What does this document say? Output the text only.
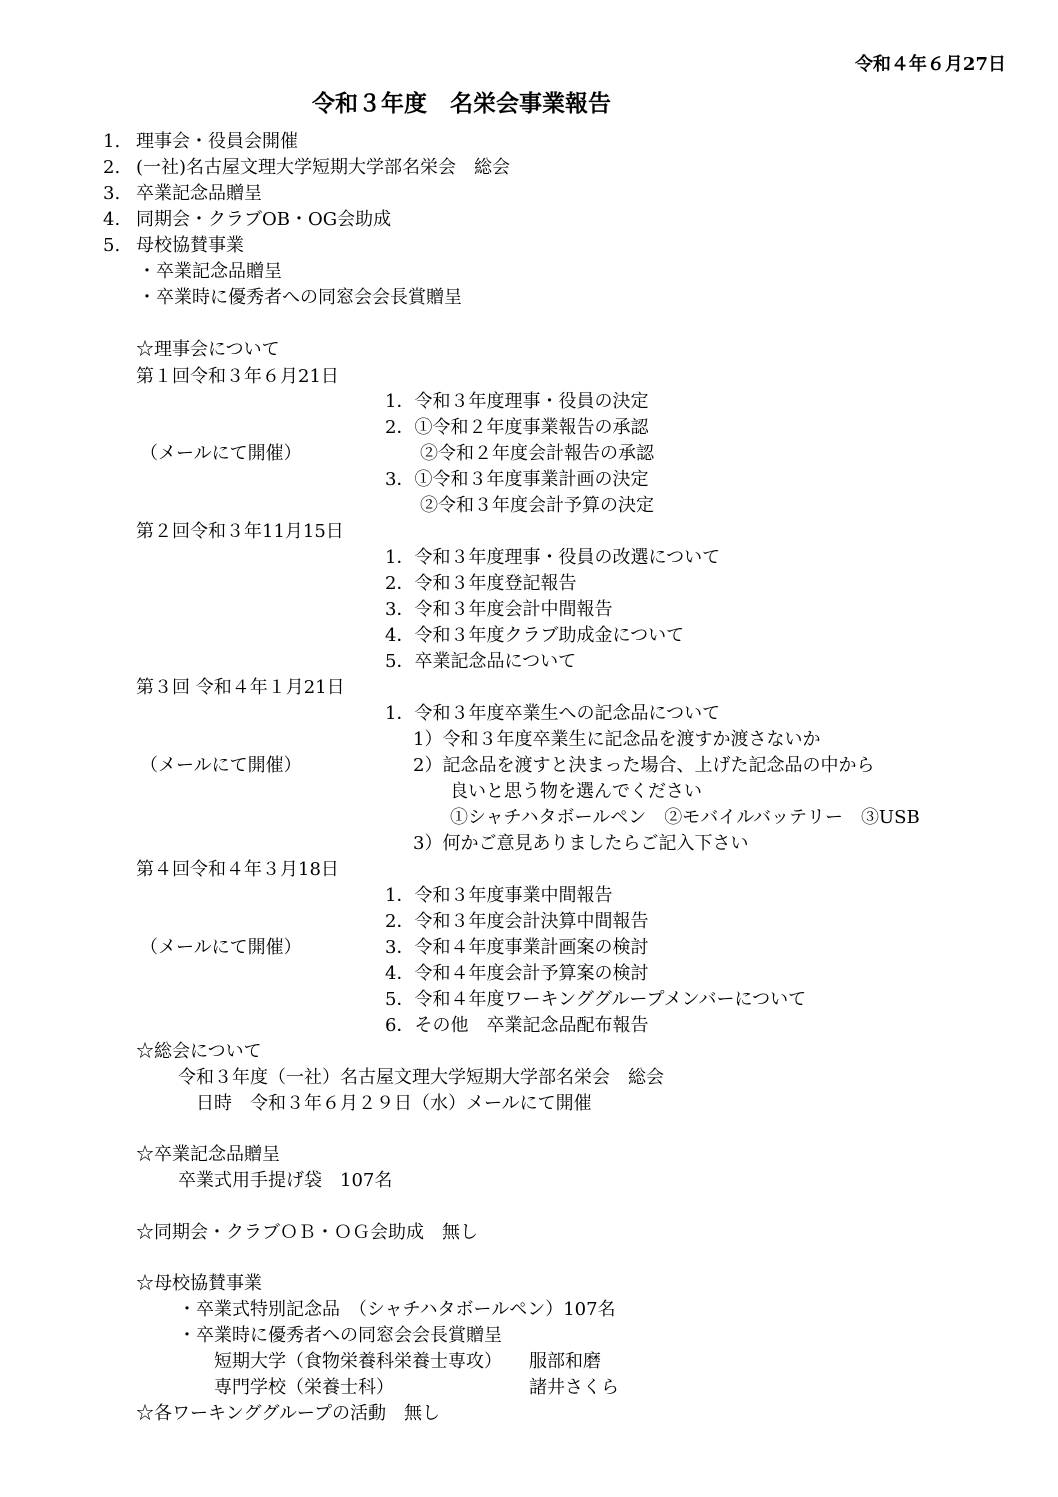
令和４年６月27日
令和３年度　名栄会事業報告
1. 理事会・役員会開催
2. (一社)名古屋文理大学短期大学部名栄会　総会
3. 卒業記念品贈呈
4. 同期会・クラブOB・OG会助成
5. 母校協賛事業
・卒業記念品贈呈
・卒業時に優秀者への同窓会会長賞贈呈
☆理事会について
第１回令和３年６月21日
1．令和３年度理事・役員の決定
2．①令和２年度事業報告の承認
（メールにて開催）	②令和２年度会計報告の承認
3．①令和３年度事業計画の決定
②令和３年度会計予算の決定
第２回令和３年11月15日
1．令和３年度理事・役員の改選について
2．令和３年度登記報告
3．令和３年度会計中間報告
4．令和３年度クラブ助成金について
5．卒業記念品について
第３回 令和４年１月21日
1．令和３年度卒業生への記念品について
1）令和３年度卒業生に記念品を渡すか渡さないか
（メールにて開催）	2）記念品を渡すと決まった場合、上げた記念品の中から
良いと思う物を選んでください
①シャチハタボールペン　②モバイルバッテリー　③USB
3）何かご意見ありましたらご記入下さい
第４回令和４年３月18日
1．令和３年度事業中間報告
2．令和３年度会計決算中間報告
（メールにて開催）	3．令和４年度事業計画案の検討
4．令和４年度会計予算案の検討
5．令和４年度ワーキンググループメンバーについて
6．その他　卒業記念品配布報告
☆総会について
令和３年度（一社）名古屋文理大学短期大学部名栄会　総会
日時　令和３年６月２９日（水）メールにて開催
☆卒業記念品贈呈
卒業式用手提げ袋　107名
☆同期会・クラブＯＢ・ＯＧ会助成　無し
☆母校協賛事業
・卒業式特別記念品　（シャチハタボールペン）107名
・卒業時に優秀者への同窓会会長賞贈呈
短期大学（食物栄養科栄養士専攻） 服部和磨
専門学校（栄養士科）	諸井さくら
☆各ワーキンググループの活動　無し
